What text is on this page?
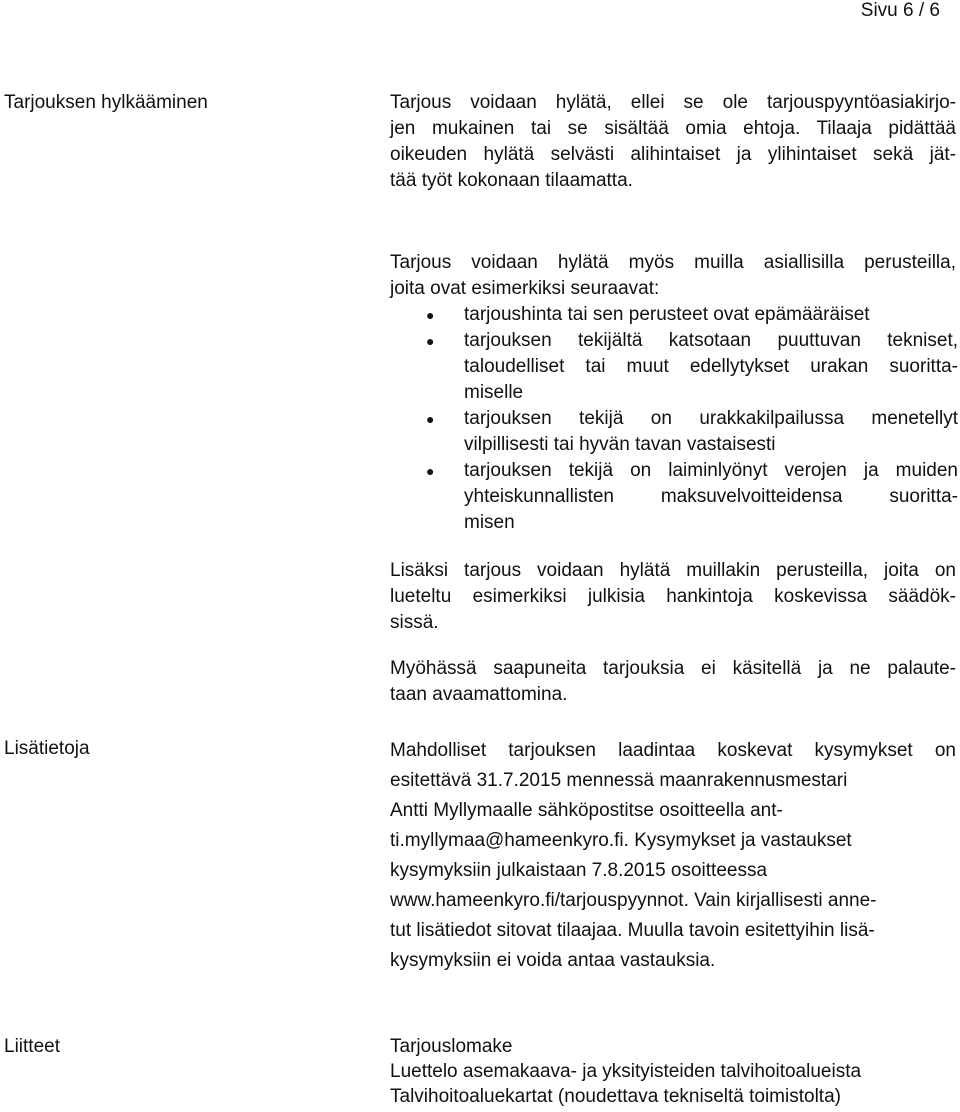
Sivu 6 / 6
Tarjouksen hylkääminen	Tarjous voidaan hylätä, ellei se ole tarjouspyyntöasiakirjo-
jen mukainen tai se sisältää omia ehtoja. Tilaaja pidättää
oikeuden hylätä selvästi alihintaiset ja ylihintaiset sekä jät-
tää työt kokonaan tilaamatta.
Tarjous voidaan hylätä myös muilla asiallisilla perusteilla,
joita ovat esimerkiksi seuraavat:
● tarjoushinta tai sen perusteet ovat epämääräiset
● tarjouksen tekijältä katsotaan puuttuvan tekniset,
taloudelliset tai muut edellytykset urakan suoritta-
miselle
● tarjouksen tekijä on urakkakilpailussa menetellyt
vilpillisesti tai hyvän tavan vastaisesti
● tarjouksen tekijä on laiminlyönyt verojen ja muiden
yhteiskunnallisten maksuvelvoitteidensa suoritta-
misen
Lisäksi tarjous voidaan hylätä muillakin perusteilla, joita on
lueteltu esimerkiksi julkisia hankintoja koskevissa säädök-
sissä.
Myöhässä saapuneita tarjouksia ei käsitellä ja ne palaute-
taan avaamattomina.
Lisätietoja	Mahdolliset tarjouksen laadintaa koskevat kysymykset on
esitettävä 31.7.2015 mennessä maanrakennusmestari
Antti Myllymaalle sähköpostitse osoitteella ant-
ti.myllymaa@hameenkyro.fi. Kysymykset ja vastaukset
kysymyksiin julkaistaan 7.8.2015 osoitteessa
www.hameenkyro.fi/tarjouspyynnot. Vain kirjallisesti anne-
tut lisätiedot sitovat tilaajaa. Muulla tavoin esitettyihin lisä-
kysymyksiin ei voida antaa vastauksia.
Liitteet	Tarjouslomake
Luettelo asemakaava- ja yksityisteiden talvihoitoalueista
Talvihoitoaluekartat (noudettava tekniseltä toimistolta)
